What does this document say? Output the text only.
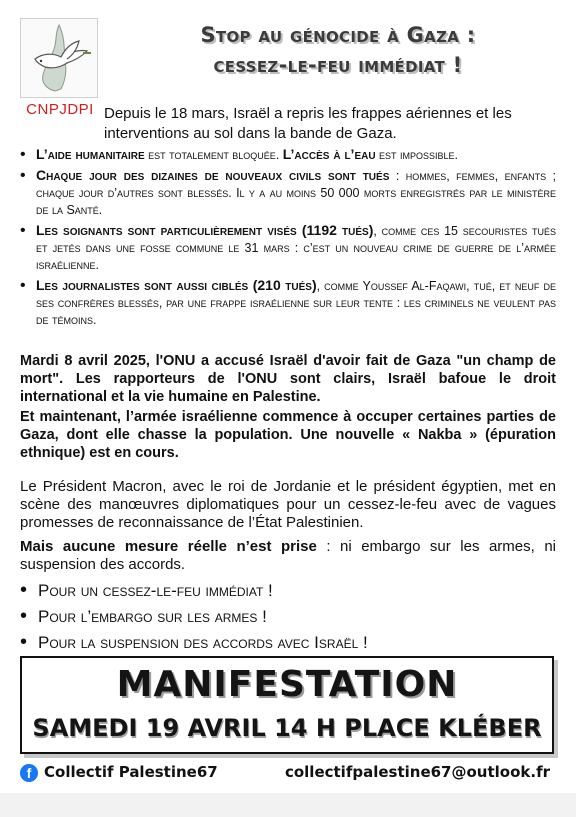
CNPJDPI
Stop au génocide à Gaza :
cessez-le-feu immédiat !
Depuis le 18 mars, Israël a repris les frappes aériennes et les interventions au sol dans la bande de Gaza.
• L’aide humanitaire est totalement bloquée. L’accès à l’eau est impossible.
• Chaque jour des dizaines de nouveaux civils sont tués : hommes, femmes, enfants ; chaque jour d’autres sont blessés. Il y a au moins 50 000 morts enregistrés par le ministère de la Santé.
• Les soignants sont particulièrement visés (1192 tués), comme ces 15 secouristes tués et jetés dans une fosse commune le 31 mars : c’est un nouveau crime de guerre de l’armée israélienne.
• Les journalistes sont aussi ciblés (210 tués), comme Youssef Al-Faqawi, tué, et neuf de ses confrères blessés, par une frappe israélienne sur leur tente : les criminels ne veulent pas de témoins.
Mardi 8 avril 2025, l'ONU a accusé Israël d'avoir fait de Gaza "un champ de mort". Les rapporteurs de l'ONU sont clairs, Israël bafoue le droit international et la vie humaine en Palestine.
Et maintenant, l’armée israélienne commence à occuper certaines parties de Gaza, dont elle chasse la population. Une nouvelle « Nakba » (épuration ethnique) est en cours.
Le Président Macron, avec le roi de Jordanie et le président égyptien, met en scène des manœuvres diplomatiques pour un cessez-le-feu avec de vagues promesses de reconnaissance de l’État Palestinien.
Mais aucune mesure réelle n’est prise : ni embargo sur les armes, ni suspension des accords.
• Pour un cessez-le-feu immédiat !
• Pour l’embargo sur les armes !
• Pour la suspension des accords avec Israël !
MANIFESTATION
SAMEDI 19 AVRIL 14 H PLACE KLÉBER
f Collectif Palestine67	collectifpalestine67@outlook.fr
